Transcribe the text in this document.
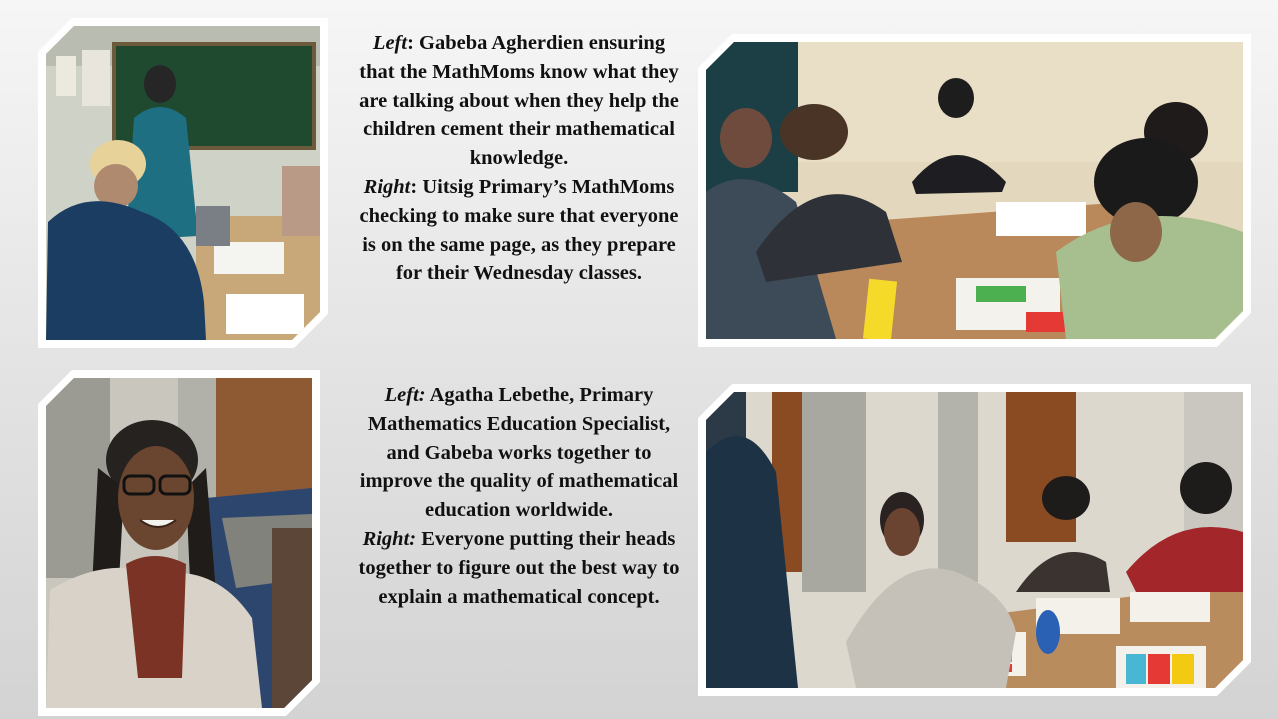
Left: Gabeba Agherdien ensuring that the MathMoms know what they are talking about when they help the children cement their mathematical knowledge.
Right: Uitsig Primary’s MathMoms checking to make sure that everyone is on the same page, as they prepare for their Wednesday classes.
Left: Agatha Lebethe, Primary Mathematics Education Specialist, and Gabeba works together to improve the quality of mathematical education worldwide.
Right: Everyone putting their heads together to figure out the best way to explain a mathematical concept.
